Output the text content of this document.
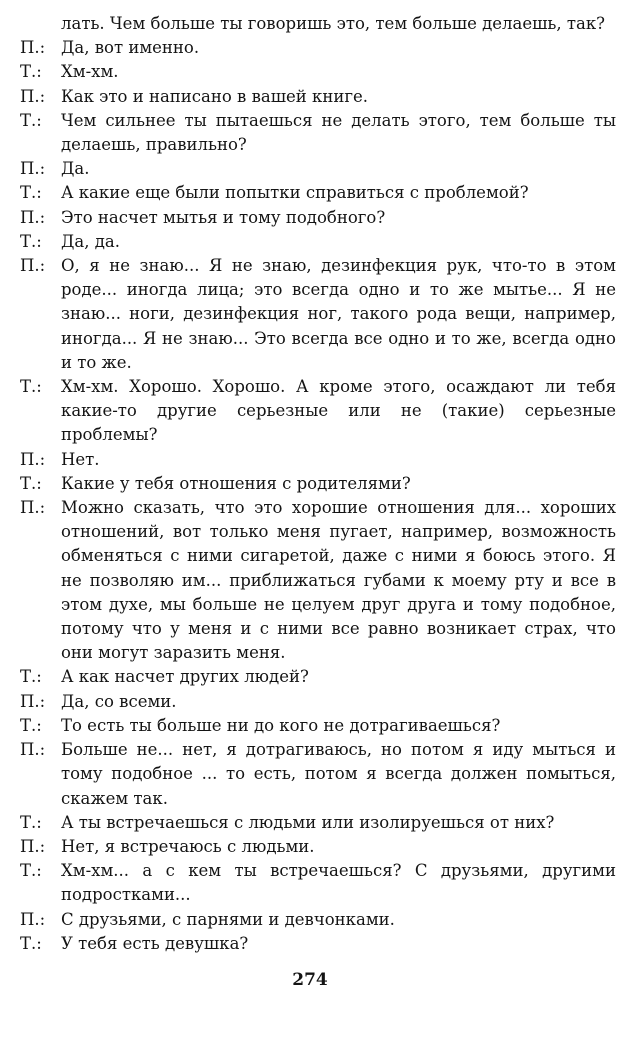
лать. Чем больше ты говоришь это, тем больше делаешь, так?
П.: Да, вот именно.
Т.:	Хм-хм.
П.: Как это и написано в вашей книге.
Т.:	Чем сильнее ты пытаешься не делать этого, тем больше ты делаешь, правильно?
П.: Да.
Т.:	А какие еще были попытки справиться с проблемой?
П.: Это насчет мытья и тому подобного?
Т.:	Да, да.
П.: О, я не знаю... Я не знаю, дезинфекция рук, что-то в этом роде... иногда лица; это всегда одно и то же мытье... Я не знаю... ноги, дезинфекция ног, такого рода вещи, например, иногда... Я не знаю... Это всегда все одно и то же, всегда одно и то же.
Т.:	Хм-хм. Хорошо. Хорошо. А кроме этого, осаждают ли тебя какие-то другие серьезные или не (такие) серьезные проблемы?
П.: Нет.
Т.:	Какие у тебя отношения с родителями?
П.: Можно сказать, что это хорошие отношения для... хороших отношений, вот только меня пугает, например, возможность обменяться с ними сигаретой, даже с ними я боюсь этого. Я не позволяю им... приближаться губами к моему рту и все в этом духе, мы больше не целуем друг друга и тому подобное, потому что у меня и с ними все равно возникает страх, что они могут заразить меня.
Т.:	А как насчет других людей?
П.: Да, со всеми.
Т.:	То есть ты больше ни до кого не дотрагиваешься?
П.: Больше не... нет, я дотрагиваюсь, но потом я иду мыться и тому подобное ... то есть, потом я всегда должен помыться, скажем так.
Т.:	А ты встречаешься с людьми или изолируешься от них?
П.: Нет, я встречаюсь с людьми.
Т.:	Хм-хм... а с кем ты встречаешься? С друзьями, другими подростками...
П.: С друзьями, с парнями и девчонками.
Т.:	У тебя есть девушка?
274
